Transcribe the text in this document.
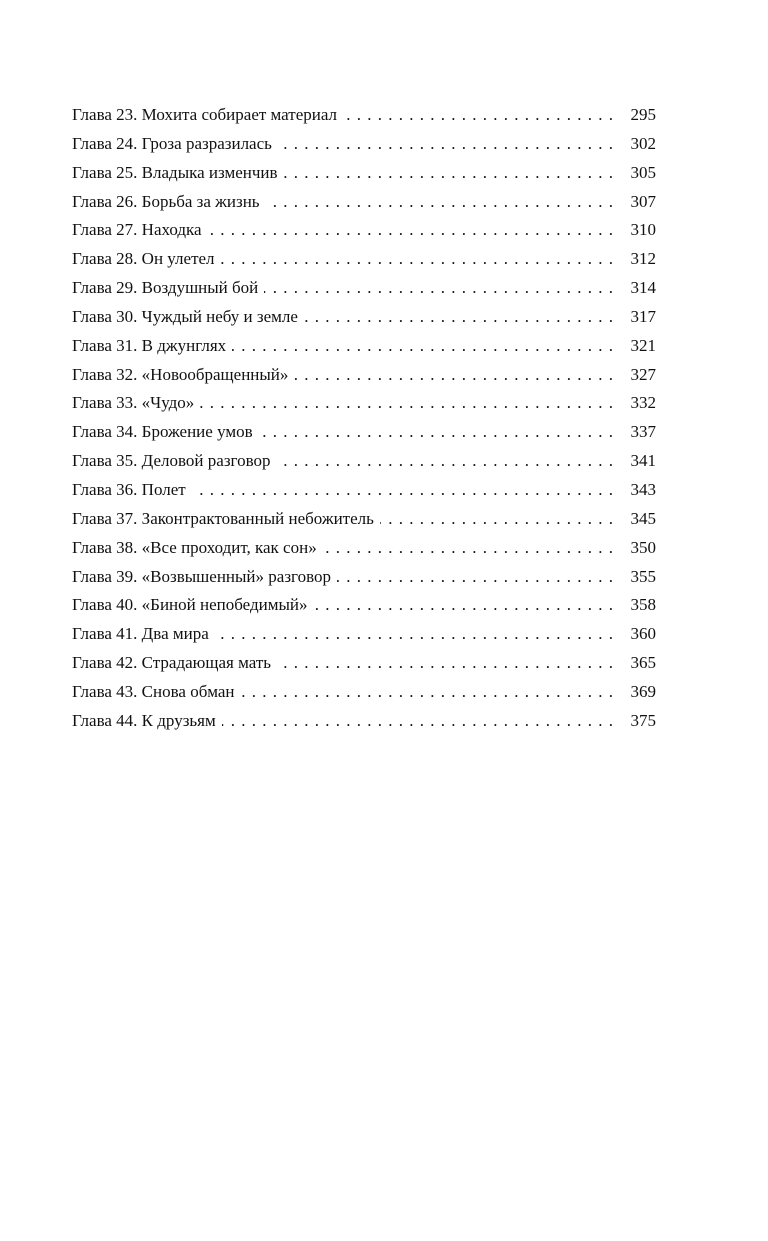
Глава 23. Мохита собирает материал . . .	295
Глава 24. Гроза разразилась . . .	302
Глава 25. Владыка изменчив . . .	305
Глава 26. Борьба за жизнь . . .	307
Глава 27. Находка . . .	310
Глава 28. Он улетел . . .	312
Глава 29. Воздушный бой . . .	314
Глава 30. Чуждый небу и земле . . .	317
Глава 31. В джунглях . . .	321
Глава 32. «Новообращенный» . . .	327
Глава 33. «Чудо» . . .	332
Глава 34. Брожение умов . . .	337
Глава 35. Деловой разговор . . .	341
Глава 36. Полет . . .	343
Глава 37. Законтрактованный небожитель . . .	345
Глава 38. «Все проходит, как сон» . . .	350
Глава 39. «Возвышенный» разговор . . .	355
Глава 40. «Биной непобедимый» . . .	358
Глава 41. Два мира . . .	360
Глава 42. Страдающая мать . . .	365
Глава 43. Снова обман . . .	369
Глава 44. К друзьям . . .	375
